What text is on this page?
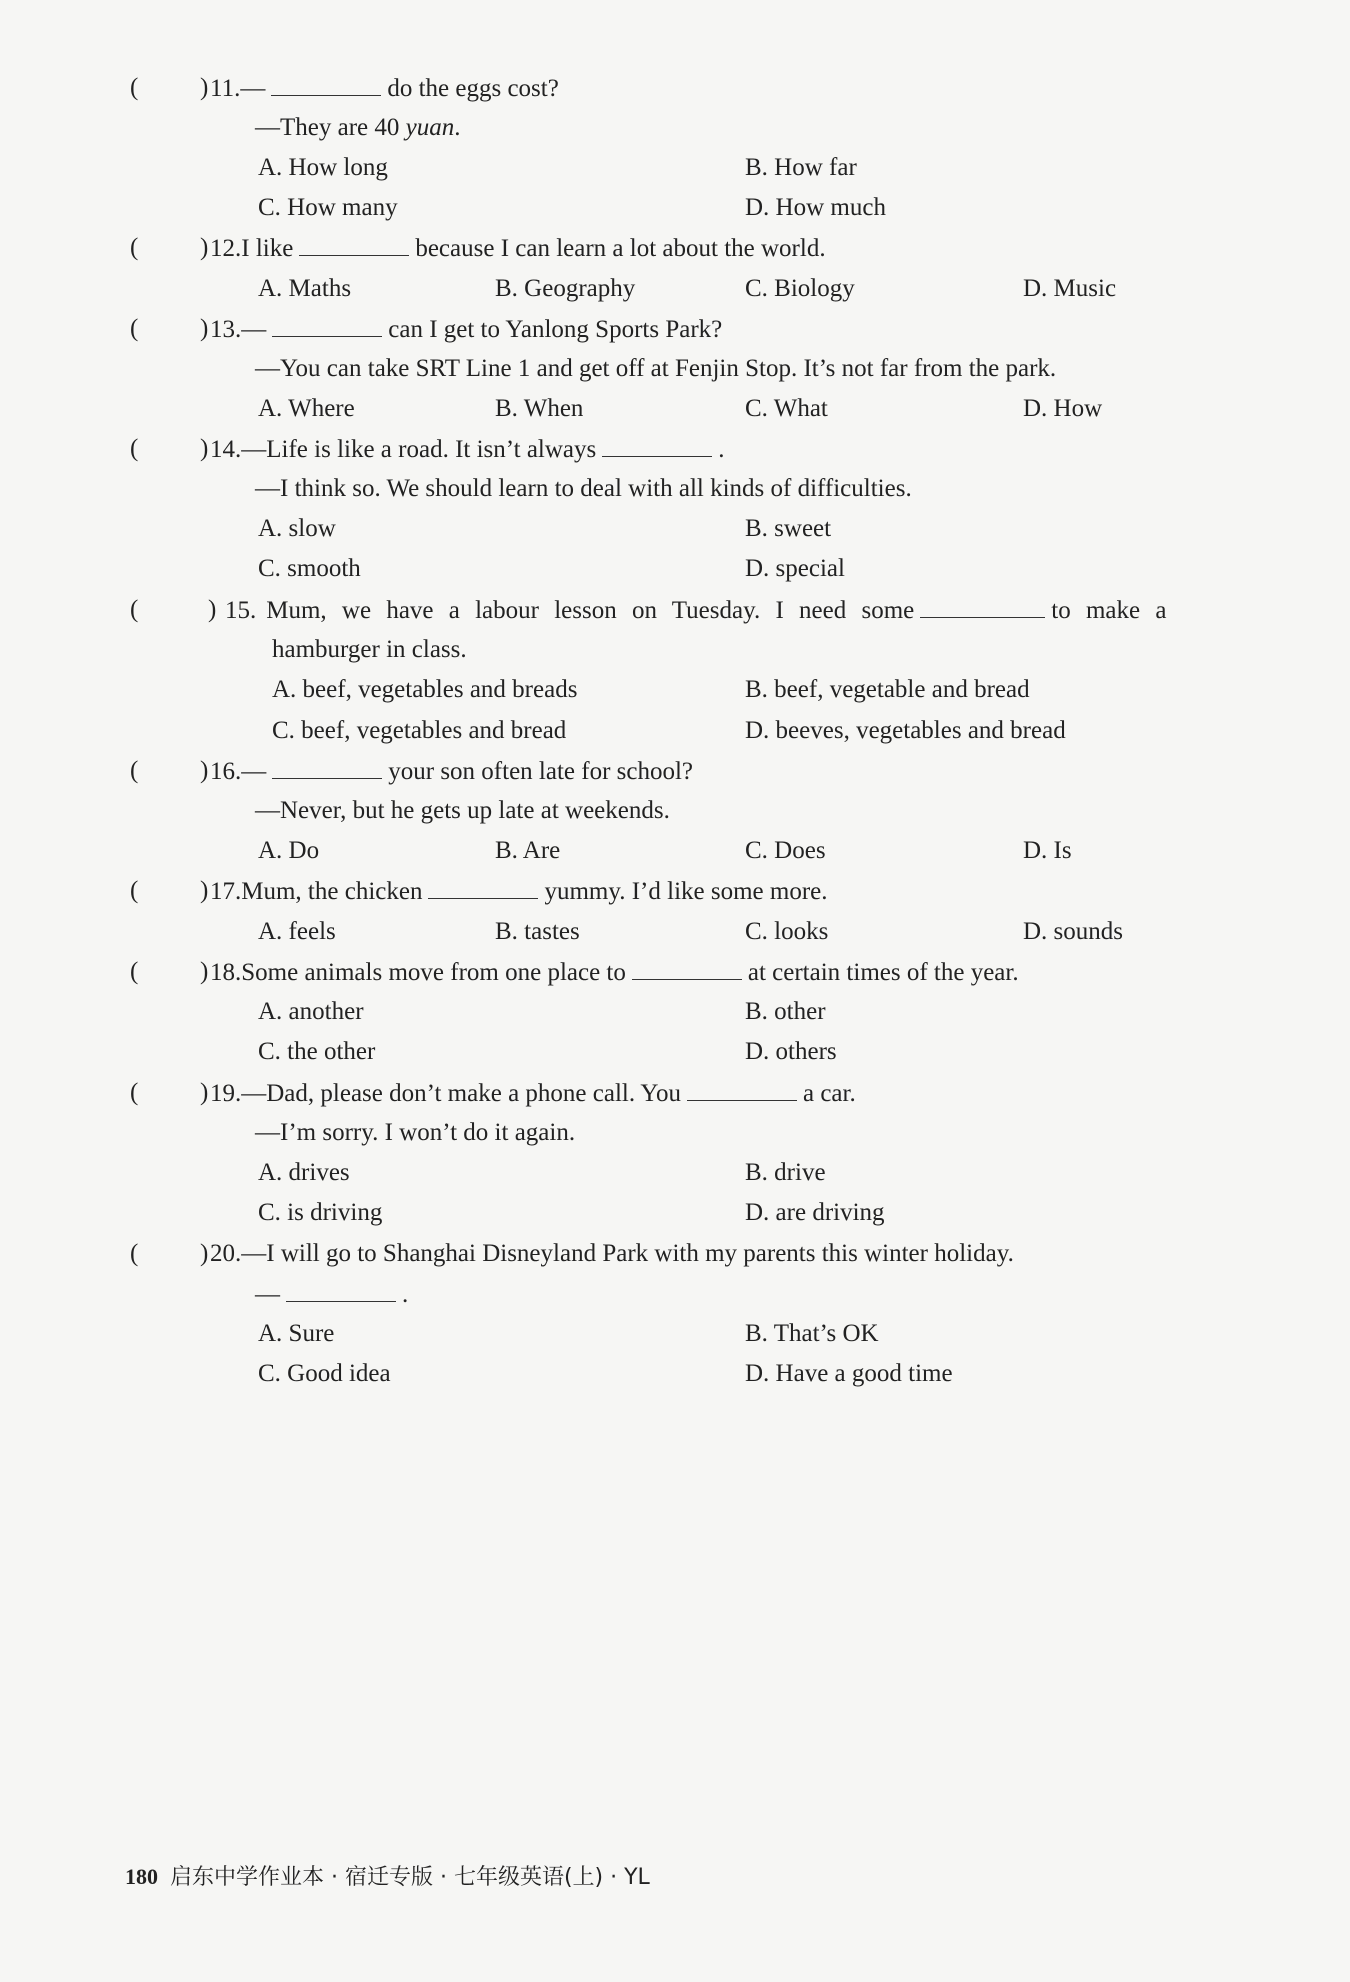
180 启东中学作业本 · 宿迁专版 · 七年级英语(上) · YL
( ) 11.—	do the eggs cost?
—They are 40 yuan.
A. How long	B. How far
C. How many	D. How much
( ) 12.I like	because I can learn a lot about the world.
A. Maths	B. Geography	C. Biology	D. Music
( ) 13.—	can I get to Yanlong Sports Park?
—You can take SRT Line 1 and get off at Fenjin Stop. It’s not far from the park.
A. Where	B. When	C. What	D. How
( ) 14.—Life is like a road. It isn’t always	.
—I think so. We should learn to deal with all kinds of difficulties.
A. slow	B. sweet
C. smooth	D. special
(	) 15. Mum, we have a labour lesson on Tuesday. I need some	to make a
hamburger in class.
A. beef, vegetables and breads	B. beef, vegetable and bread
C. beef, vegetables and bread	D. beeves, vegetables and bread
( ) 16.—	your son often late for school?
—Never, but he gets up late at weekends.
A. Do	B. Are	C. Does	D. Is
( ) 17.Mum, the chicken	yummy. I’d like some more.
A. feels	B. tastes	C. looks	D. sounds
( ) 18.Some animals move from one place to	at certain times of the year.
A. another	B. other
C. the other	D. others
( ) 19.—Dad, please don’t make a phone call. You	a car.
—I’m sorry. I won’t do it again.
A. drives	B. drive
C. is driving	D. are driving
( ) 20.—I will go to Shanghai Disneyland Park with my parents this winter holiday.
—	.
A. Sure	B. That’s OK
C. Good idea	D. Have a good time
